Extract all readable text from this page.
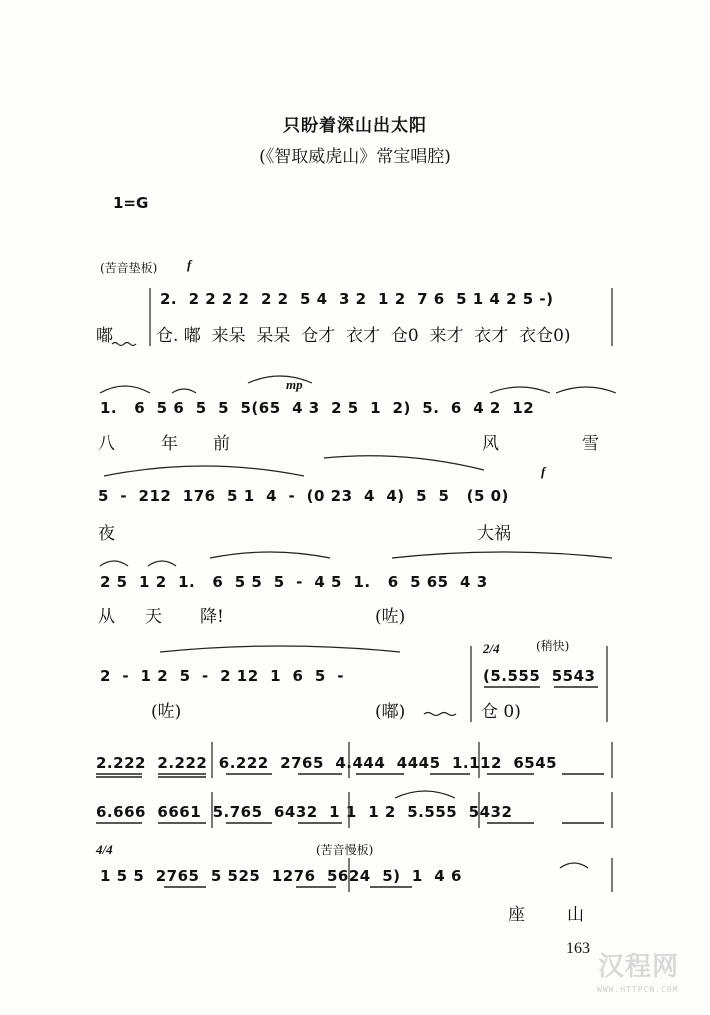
只盼着深山出太阳
(《智取威虎山》常宝唱腔)
1=G
(苦音垫板) f
2.  2 2 2 2  2 2  5 4  3 2  1 2  7 6  5 1 4 2 5 -)
嘟	仓. 嘟  来呆  呆呆  仓才  衣才  仓0  来才  衣才  衣仓0)
mp
1.   6  5 6  5  5  5(65  4 3  2 5  1  2)  5.  6  4 2  12
八	年 前	风	雪
f
5  -  212  176  5 1  4  -  (0 23  4  4)  5  5   (5 0)
夜	大祸
2 5  1 2  1.   6  5 5  5  -  4 5  1.   6  5 65  4 3
从 天 降!	(咗)
2/4	(稍快)
2  -  1 2  5  -  2 12  1  6  5  -	(5.555  5543
(咗)	(嘟)	仓 0)
2.222  2.222  6.222  2765  4.444  4445  1.112  6545
6.666  6661  5.765  6432  1 1  1 2  5.555  5432
4/4	(苦音慢板)
1 5 5  2765  5 525  1276  5624  5)  1  4 6
座 山
163
汉程网
WWW.HTTPCN.COM
